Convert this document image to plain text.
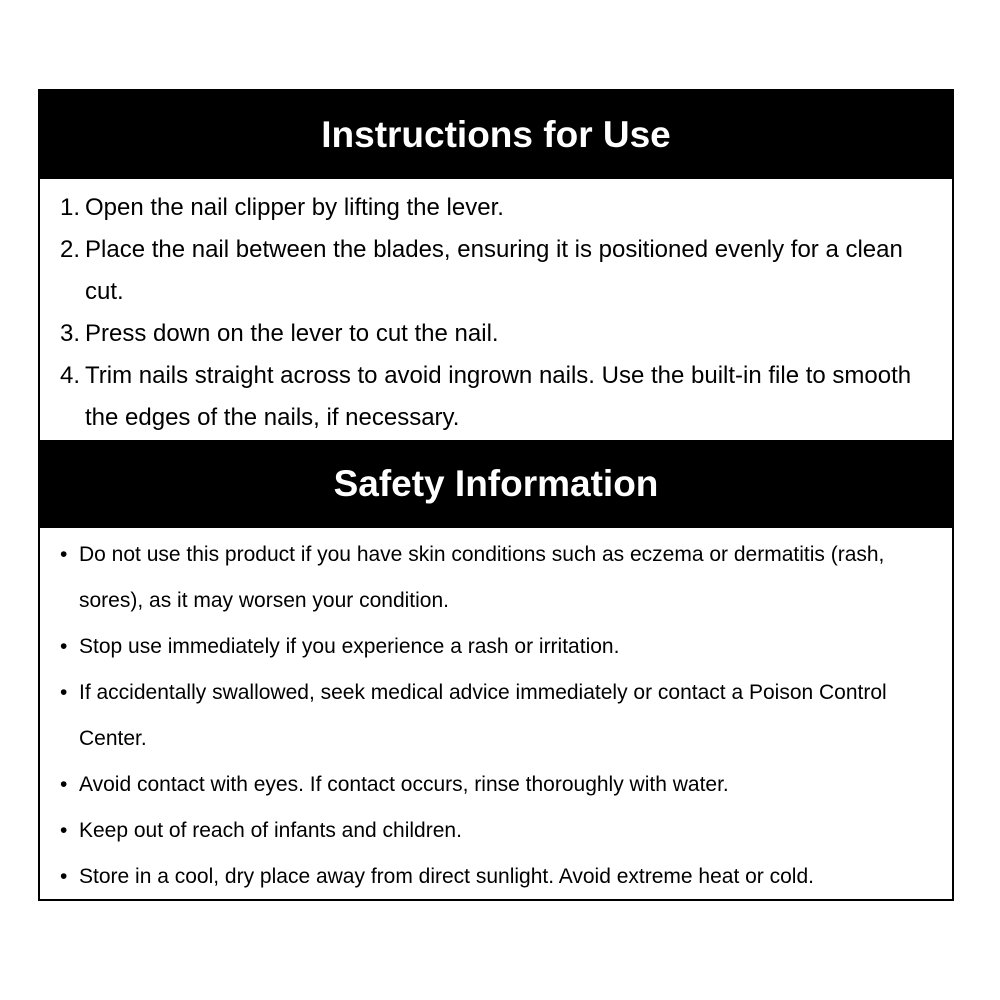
Instructions for Use
1. Open the nail clipper by lifting the lever.
2. Place the nail between the blades, ensuring it is positioned evenly for a clean cut.
3. Press down on the lever to cut the nail.
4. Trim nails straight across to avoid ingrown nails. Use the built-in file to smooth the edges of the nails, if necessary.
Safety Information
• Do not use this product if you have skin conditions such as eczema or dermatitis (rash, sores), as it may worsen your condition.
• Stop use immediately if you experience a rash or irritation.
• If accidentally swallowed, seek medical advice immediately or contact a Poison Control Center.
• Avoid contact with eyes. If contact occurs, rinse thoroughly with water.
• Keep out of reach of infants and children.
• Store in a cool, dry place away from direct sunlight. Avoid extreme heat or cold.
